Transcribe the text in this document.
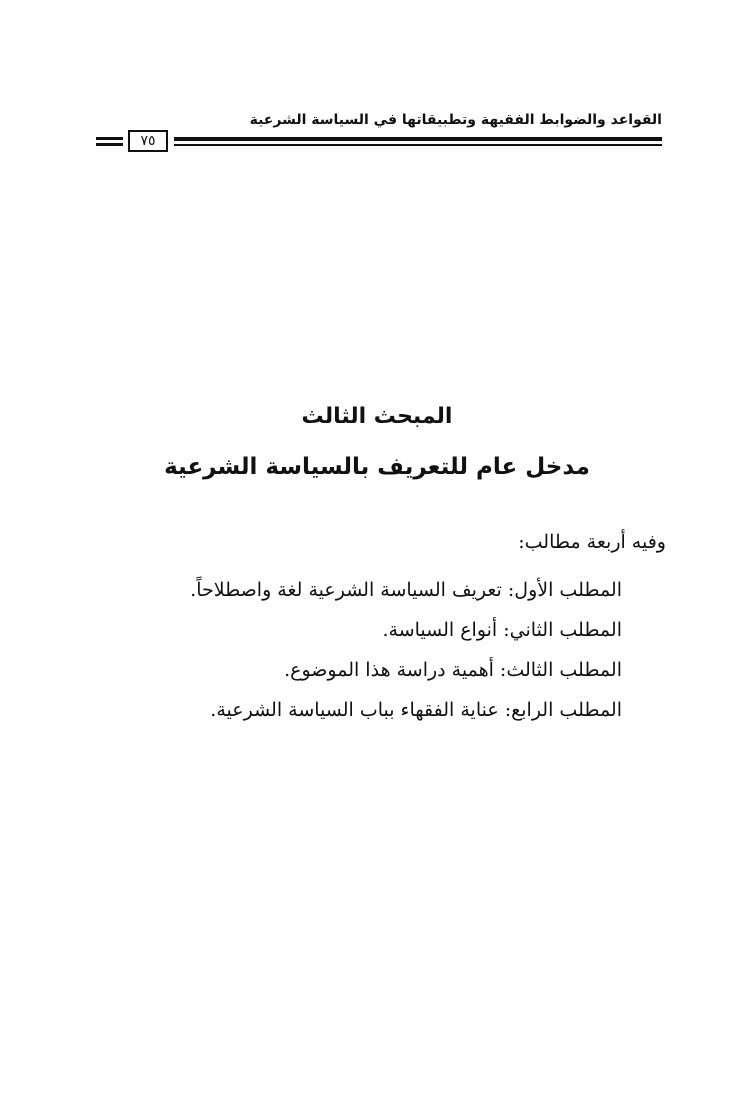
القواعد والضوابط الفقيهة وتطبيقاتها في السياسة الشرعية
٧٥
المبحث الثالث
مدخل عام للتعريف بالسياسة الشرعية
وفيه أربعة مطالب:
المطلب الأول: تعريف السياسة الشرعية لغة واصطلاحاً.
المطلب الثاني: أنواع السياسة.
المطلب الثالث: أهمية دراسة هذا الموضوع.
المطلب الرابع: عناية الفقهاء بباب السياسة الشرعية.
